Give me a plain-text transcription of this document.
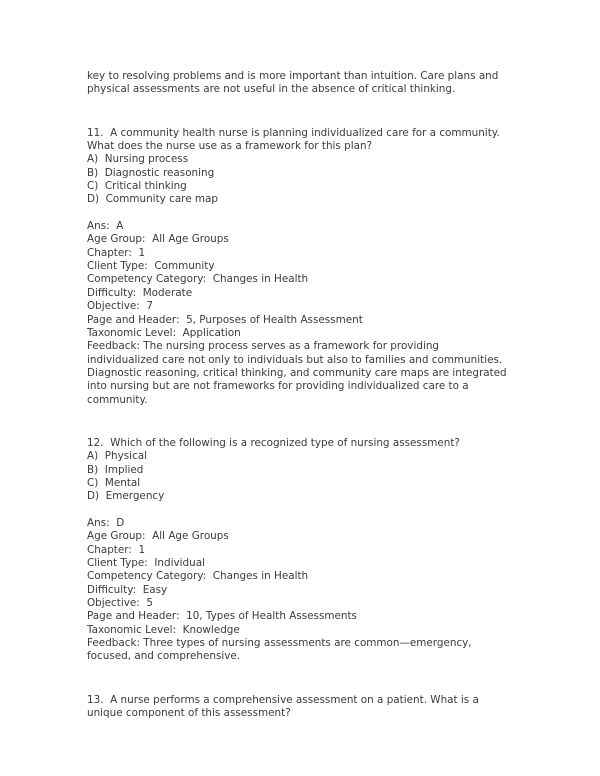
key to resolving problems and is more important than intuition. Care plans and physical assessments are not useful in the absence of critical thinking.

11. A community health nurse is planning individualized care for a community. What does the nurse use as a framework for this plan?

A)  Nursing process

B)  Diagnostic reasoning

C)  Critical thinking

D)  Community care map

Ans:  A

Age Group:  All Age Groups

Chapter:  1

Client Type:  Community

Competency Category:  Changes in Health

Difficulty:  Moderate

Objective:  7

Page and Header:  5, Purposes of Health Assessment

Taxonomic Level:  Application

Feedback: The nursing process serves as a framework for providing individualized care not only to individuals but also to families and communities. Diagnostic reasoning, critical thinking, and community care maps are integrated into nursing but are not frameworks for providing individualized care to a community.

12. Which of the following is a recognized type of nursing assessment?

A)  Physical

B)  Implied

C)  Mental

D)  Emergency

Ans:  D

Age Group:  All Age Groups

Chapter:  1

Client Type:  Individual

Competency Category:  Changes in Health

Difficulty:  Easy

Objective:  5

Page and Header:  10, Types of Health Assessments

Taxonomic Level:  Knowledge

Feedback: Three types of nursing assessments are common—emergency, focused, and comprehensive.

13. A nurse performs a comprehensive assessment on a patient. What is a unique component of this assessment?
